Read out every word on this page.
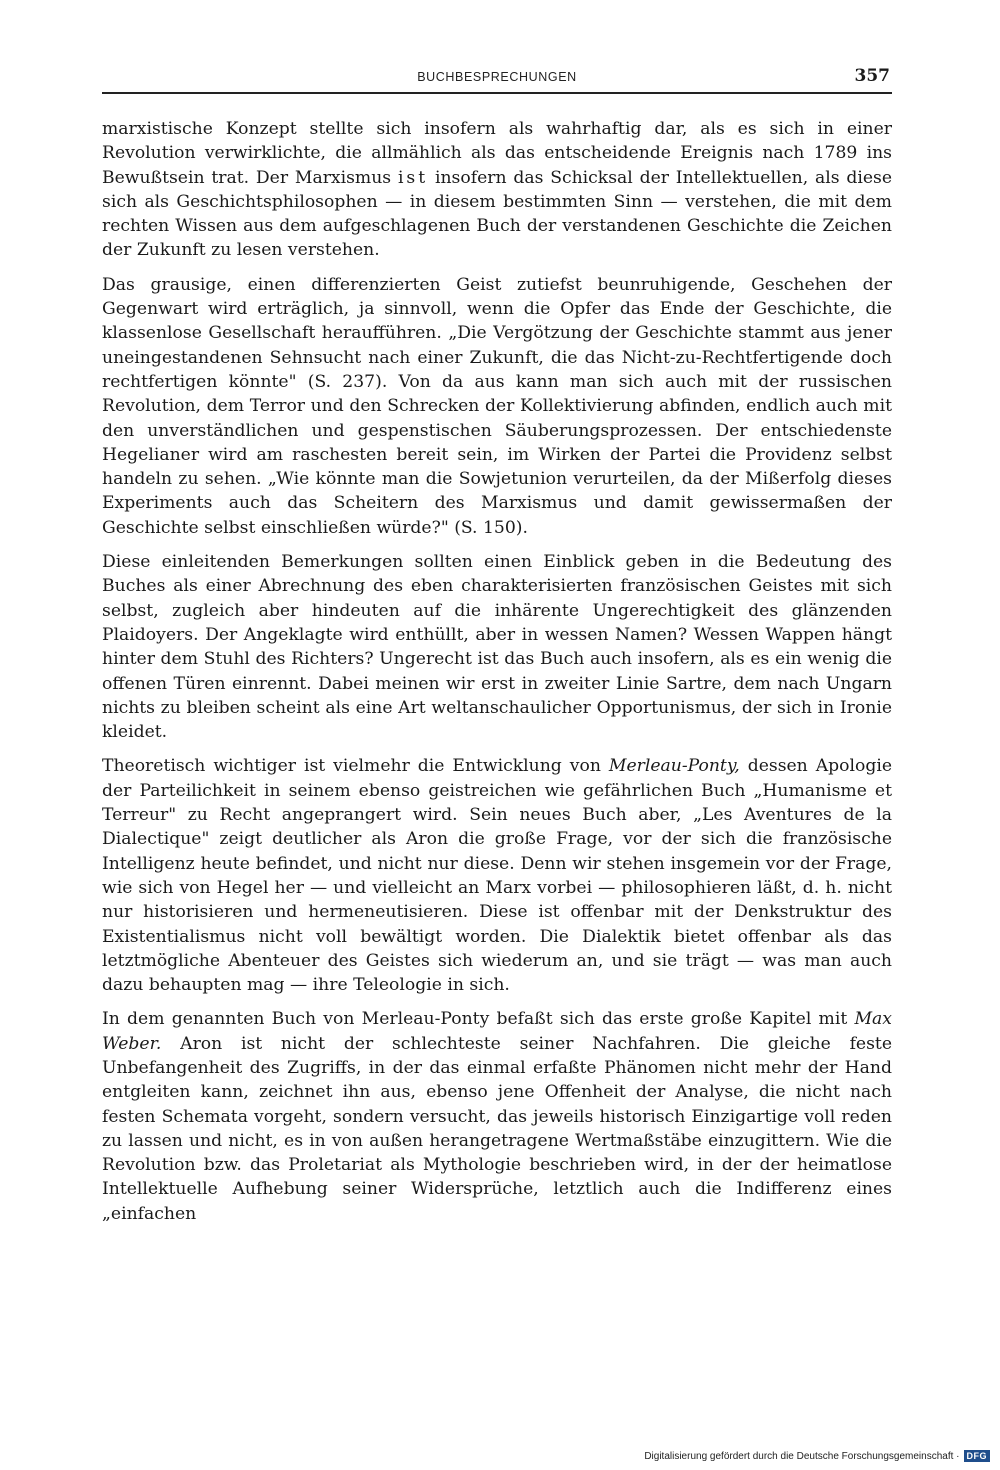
BUCHBESPRECHUNGEN	357

marxistische Konzept stellte sich insofern als wahrhaftig dar, als es sich in einer Revolution verwirklichte, die allmählich als das entscheidende Ereignis nach 1789 ins Bewußtsein trat. Der Marxismus ist insofern das Schicksal der Intellektuellen, als diese sich als Geschichtsphilosophen — in diesem bestimmten Sinn — verstehen, die mit dem rechten Wissen aus dem aufgeschlagenen Buch der verstandenen Geschichte die Zeichen der Zukunft zu lesen verstehen.

Das grausige, einen differenzierten Geist zutiefst beunruhigende, Geschehen der Gegenwart wird erträglich, ja sinnvoll, wenn die Opfer das Ende der Geschichte, die klassenlose Gesellschaft heraufführen. „Die Vergötzung der Geschichte stammt aus jener uneingestandenen Sehnsucht nach einer Zukunft, die das Nicht-zu-Rechtfertigende doch rechtfertigen könnte" (S. 237). Von da aus kann man sich auch mit der russischen Revolution, dem Terror und den Schrecken der Kollektivierung abfinden, endlich auch mit den unverständlichen und gespenstischen Säuberungsprozessen. Der entschiedenste Hegelianer wird am raschesten bereit sein, im Wirken der Partei die Providenz selbst handeln zu sehen. „Wie könnte man die Sowjetunion verurteilen, da der Mißerfolg dieses Experiments auch das Scheitern des Marxismus und damit gewissermaßen der Geschichte selbst einschließen würde?" (S. 150).

Diese einleitenden Bemerkungen sollten einen Einblick geben in die Bedeutung des Buches als einer Abrechnung des eben charakterisierten französischen Geistes mit sich selbst, zugleich aber hindeuten auf die inhärente Ungerechtigkeit des glänzenden Plaidoyers. Der Angeklagte wird enthüllt, aber in wessen Namen? Wessen Wappen hängt hinter dem Stuhl des Richters? Ungerecht ist das Buch auch insofern, als es ein wenig die offenen Türen einrennt. Dabei meinen wir erst in zweiter Linie Sartre, dem nach Ungarn nichts zu bleiben scheint als eine Art weltanschaulicher Opportunismus, der sich in Ironie kleidet.

Theoretisch wichtiger ist vielmehr die Entwicklung von Merleau-Ponty, dessen Apologie der Parteilichkeit in seinem ebenso geistreichen wie gefährlichen Buch „Humanisme et Terreur" zu Recht angeprangert wird. Sein neues Buch aber, „Les Aventures de la Dialectique" zeigt deutlicher als Aron die große Frage, vor der sich die französische Intelligenz heute befindet, und nicht nur diese. Denn wir stehen insgemein vor der Frage, wie sich von Hegel her — und vielleicht an Marx vorbei — philosophieren läßt, d. h. nicht nur historisieren und hermeneutisieren. Diese ist offenbar mit der Denkstruktur des Existentialismus nicht voll bewältigt worden. Die Dialektik bietet offenbar als das letztmögliche Abenteuer des Geistes sich wiederum an, und sie trägt — was man auch dazu behaupten mag — ihre Teleologie in sich.

In dem genannten Buch von Merleau-Ponty befaßt sich das erste große Kapitel mit Max Weber. Aron ist nicht der schlechteste seiner Nachfahren. Die gleiche feste Unbefangenheit des Zugriffs, in der das einmal erfaßte Phänomen nicht mehr der Hand entgleiten kann, zeichnet ihn aus, ebenso jene Offenheit der Analyse, die nicht nach festen Schemata vorgeht, sondern versucht, das jeweils historisch Einzigartige voll reden zu lassen und nicht, es in von außen herangetragene Wertmaßstäbe einzugittern. Wie die Revolution bzw. das Proletariat als Mythologie beschrieben wird, in der der heimatlose Intellektuelle Aufhebung seiner Widersprüche, letztlich auch die Indifferenz eines „einfachen

Digitalisierung gefördert durch die Deutsche Forschungsgemeinschaft · DFG
